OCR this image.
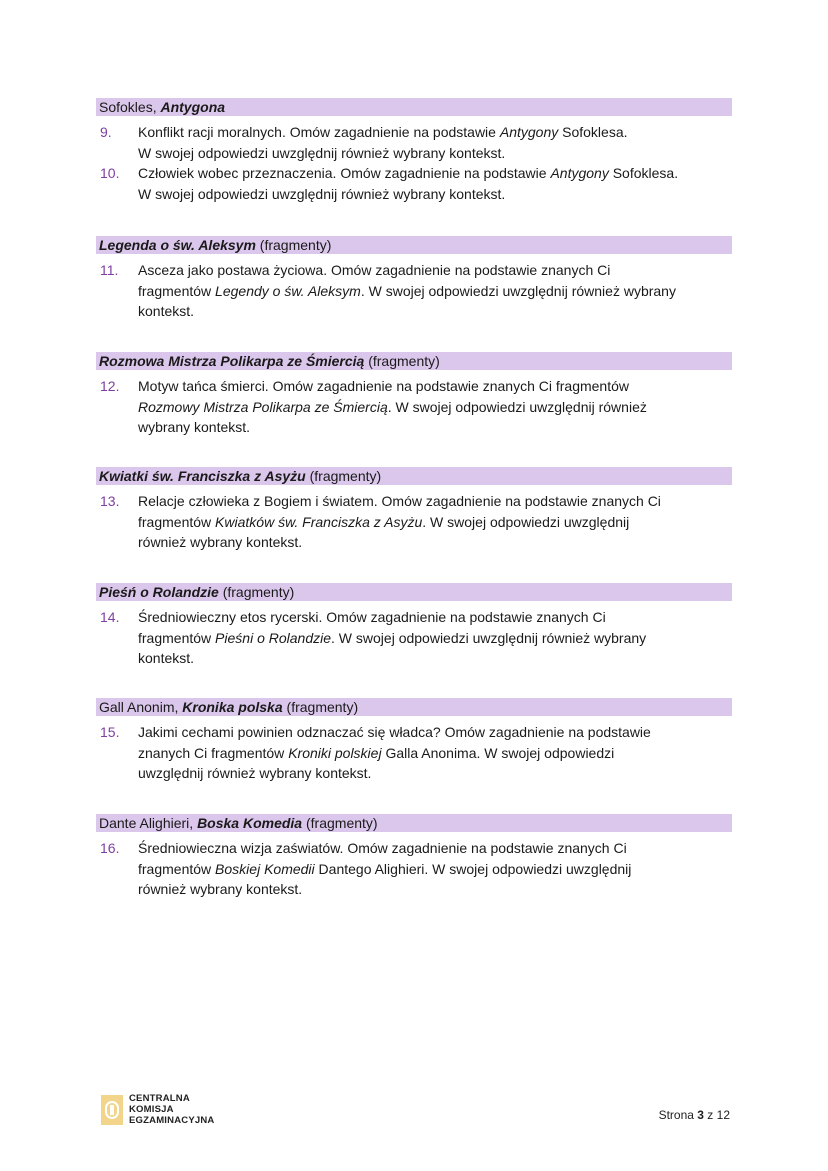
Sofokles, Antygona
9.	Konflikt racji moralnych. Omów zagadnienie na podstawie Antygony Sofoklesa.
W swojej odpowiedzi uwzględnij również wybrany kontekst.
10.	Człowiek wobec przeznaczenia. Omów zagadnienie na podstawie Antygony Sofoklesa.
W swojej odpowiedzi uwzględnij również wybrany kontekst.
Legenda o św. Aleksym (fragmenty)
11.	Asceza jako postawa życiowa. Omów zagadnienie na podstawie znanych Ci
fragmentów Legendy o św. Aleksym. W swojej odpowiedzi uwzględnij również wybrany
kontekst.
Rozmowa Mistrza Polikarpa ze Śmiercią (fragmenty)
12.	Motyw tańca śmierci. Omów zagadnienie na podstawie znanych Ci fragmentów
Rozmowy Mistrza Polikarpa ze Śmiercią. W swojej odpowiedzi uwzględnij również
wybrany kontekst.
Kwiatki św. Franciszka z Asyżu (fragmenty)
13.	Relacje człowieka z Bogiem i światem. Omów zagadnienie na podstawie znanych Ci
fragmentów Kwiatków św. Franciszka z Asyżu. W swojej odpowiedzi uwzględnij
również wybrany kontekst.
Pieśń o Rolandzie (fragmenty)
14.	Średniowieczny etos rycerski. Omów zagadnienie na podstawie znanych Ci
fragmentów Pieśni o Rolandzie. W swojej odpowiedzi uwzględnij również wybrany
kontekst.
Gall Anonim, Kronika polska (fragmenty)
15.	Jakimi cechami powinien odznaczać się władca? Omów zagadnienie na podstawie
znanych Ci fragmentów Kroniki polskiej Galla Anonima. W swojej odpowiedzi
uwzględnij również wybrany kontekst.
Dante Alighieri, Boska Komedia (fragmenty)
16.	Średniowieczna wizja zaświatów. Omów zagadnienie na podstawie znanych Ci
fragmentów Boskiej Komedii Dantego Alighieri. W swojej odpowiedzi uwzględnij
również wybrany kontekst.
CENTRALNA
KOMISJA
EGZAMINACYJNA	Strona 3 z 12
